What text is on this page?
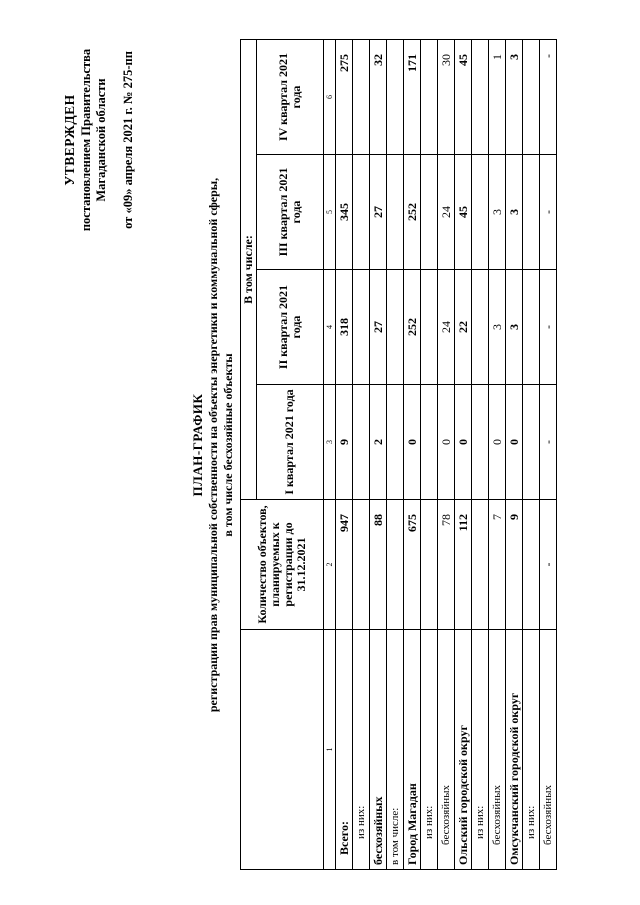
УТВЕРЖДЕН постановлением Правительства Магаданской области от «09» апреля 2021 г. № 275-пп
ПЛАН-ГРАФИК регистрации прав муниципальной собственности на объекты энергетики и коммунальной сферы, в том числе бесхозяйные объекты
	Количество объектов, планируемых к регистрации до 31.12.2021	В том числе:			
		I квартал 2021 года	II квартал 2021 года	III квартал 2021 года	IV квартал 2021 года
1	2	3	4	5	6
Всего:	947	9	318	345	275
из них:					
бесхозяйных	88	2	27	27	32
в том числе:					
Город Магадан	675	0	252	252	171
из них:					
бесхозяйных	78	0	24	24	30
Ольский городской округ	112	0	22	45	45
из них:					
бесхозяйных	7	0	3	3	1
Омсукчанский городской округ	9	0	3	3	3
из них:					
бесхозяйных	-	-	-	-	-
